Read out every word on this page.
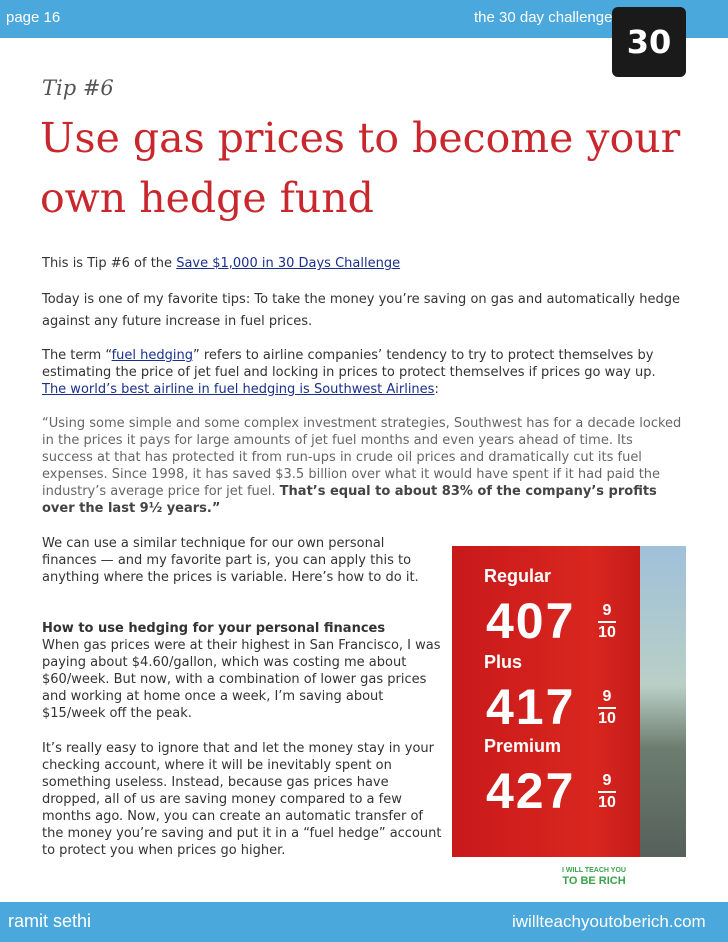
page 16	the 30 day challenge
30
Tip #6
Use gas prices to become your own hedge fund

This is Tip #6 of the Save $1,000 in 30 Days Challenge

Today is one of my favorite tips: To take the money you’re saving on gas and automatically hedge against any future increase in fuel prices.

The term “fuel hedging” refers to airline companies’ tendency to try to protect themselves by estimating the price of jet fuel and locking in prices to protect themselves if prices go way up. The world’s best airline in fuel hedging is Southwest Airlines:

“Using some simple and some complex investment strategies, Southwest has for a decade locked in the prices it pays for large amounts of jet fuel months and even years ahead of time. Its success at that has protected it from run-ups in crude oil prices and dramatically cut its fuel expenses. Since 1998, it has saved $3.5 billion over what it would have spent if it had paid the industry’s average price for jet fuel. That’s equal to about 83% of the company’s profits over the last 9½ years.”

We can use a similar technique for our own personal finances — and my favorite part is, you can apply this to anything where the prices is variable. Here’s how to do it.

How to use hedging for your personal finances
When gas prices were at their highest in San Francisco, I was paying about $4.60/gallon, which was costing me about $60/week. But now, with a combination of lower gas prices and working at home once a week, I’m saving about $15/week off the peak.

It’s really easy to ignore that and let the money stay in your checking account, where it will be inevitably spent on something useless. Instead, because gas prices have dropped, all of us are saving money compared to a few months ago. Now, you can create an automatic transfer of the money you’re saving and put it in a “fuel hedge” account to protect you when prices go higher.

Regular
407 9
10
Plus
417 9
10
Premium
427 9
10
I WILL TEACH YOU
TO BE RICH
ramit sethi	iwillteachyoutoberich.com
